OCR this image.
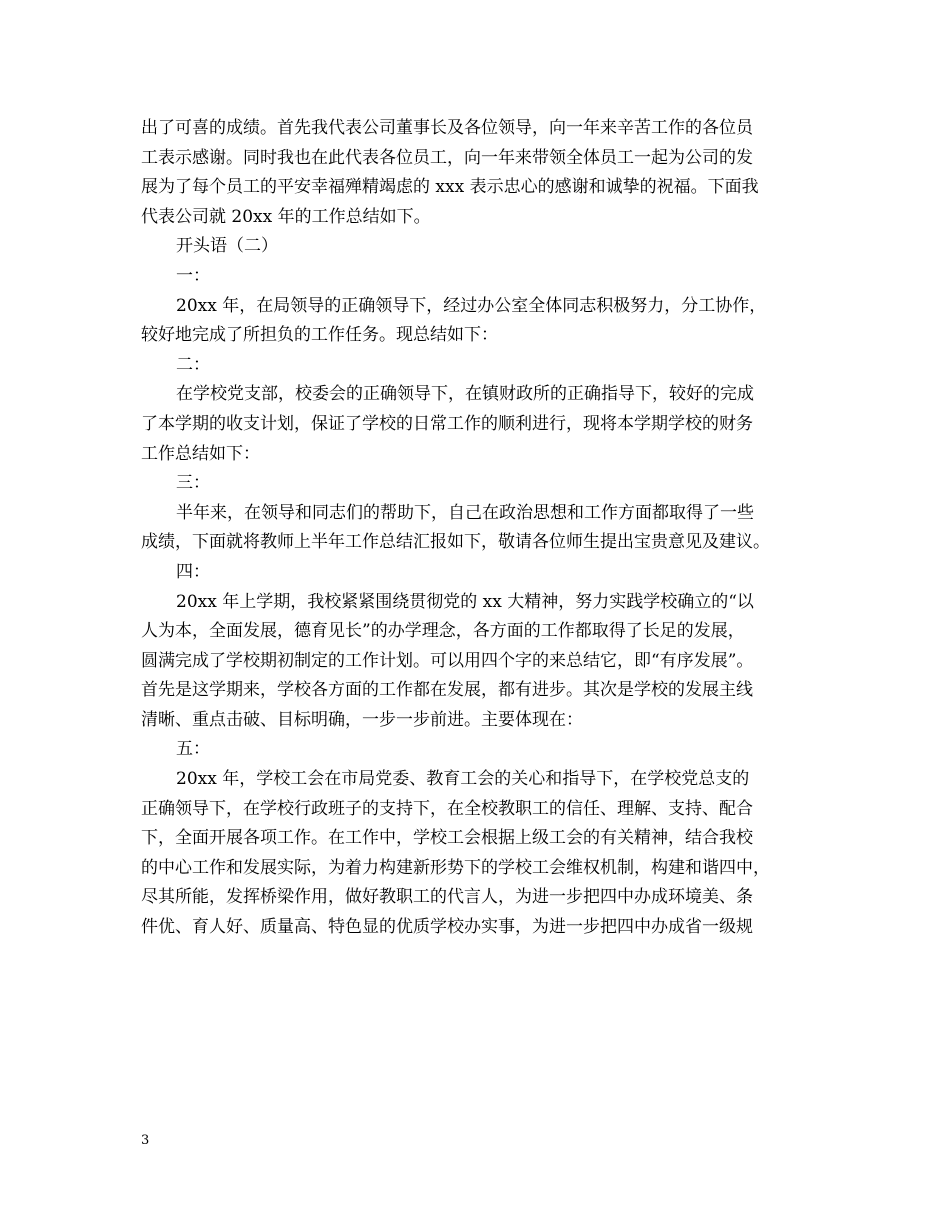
出了可喜的成绩。首先我代表公司董事长及各位领导，向一年来辛苦工作的各位员
工表示感谢。同时我也在此代表各位员工，向一年来带领全体员工一起为公司的发
展为了每个员工的平安幸福殚精竭虑的 xxx 表示忠心的感谢和诚挚的祝福。下面我
代表公司就 20xx 年的工作总结如下。
开头语（二）
一：
20xx 年，在局领导的正确领导下，经过办公室全体同志积极努力，分工协作，
较好地完成了所担负的工作任务。现总结如下：
二：
在学校党支部，校委会的正确领导下，在镇财政所的正确指导下，较好的完成
了本学期的收支计划，保证了学校的日常工作的顺利进行，现将本学期学校的财务
工作总结如下：
三：
半年来，在领导和同志们的帮助下，自己在政治思想和工作方面都取得了一些
成绩，下面就将教师上半年工作总结汇报如下，敬请各位师生提出宝贵意见及建议。
四：
20xx 年上学期，我校紧紧围绕贯彻党的 xx 大精神，努力实践学校确立的“以
人为本，全面发展，德育见长”的办学理念，各方面的工作都取得了长足的发展，
圆满完成了学校期初制定的工作计划。可以用四个字的来总结它，即“有序发展”。
首先是这学期来，学校各方面的工作都在发展，都有进步。其次是学校的发展主线
清晰、重点击破、目标明确，一步一步前进。主要体现在：
五：
20xx 年，学校工会在市局党委、教育工会的关心和指导下，在学校党总支的
正确领导下，在学校行政班子的支持下，在全校教职工的信任、理解、支持、配合
下，全面开展各项工作。在工作中，学校工会根据上级工会的有关精神，结合我校
的中心工作和发展实际，为着力构建新形势下的学校工会维权机制，构建和谐四中，
尽其所能，发挥桥梁作用，做好教职工的代言人，为进一步把四中办成环境美、条
件优、育人好、质量高、特色显的优质学校办实事，为进一步把四中办成省一级规
3
